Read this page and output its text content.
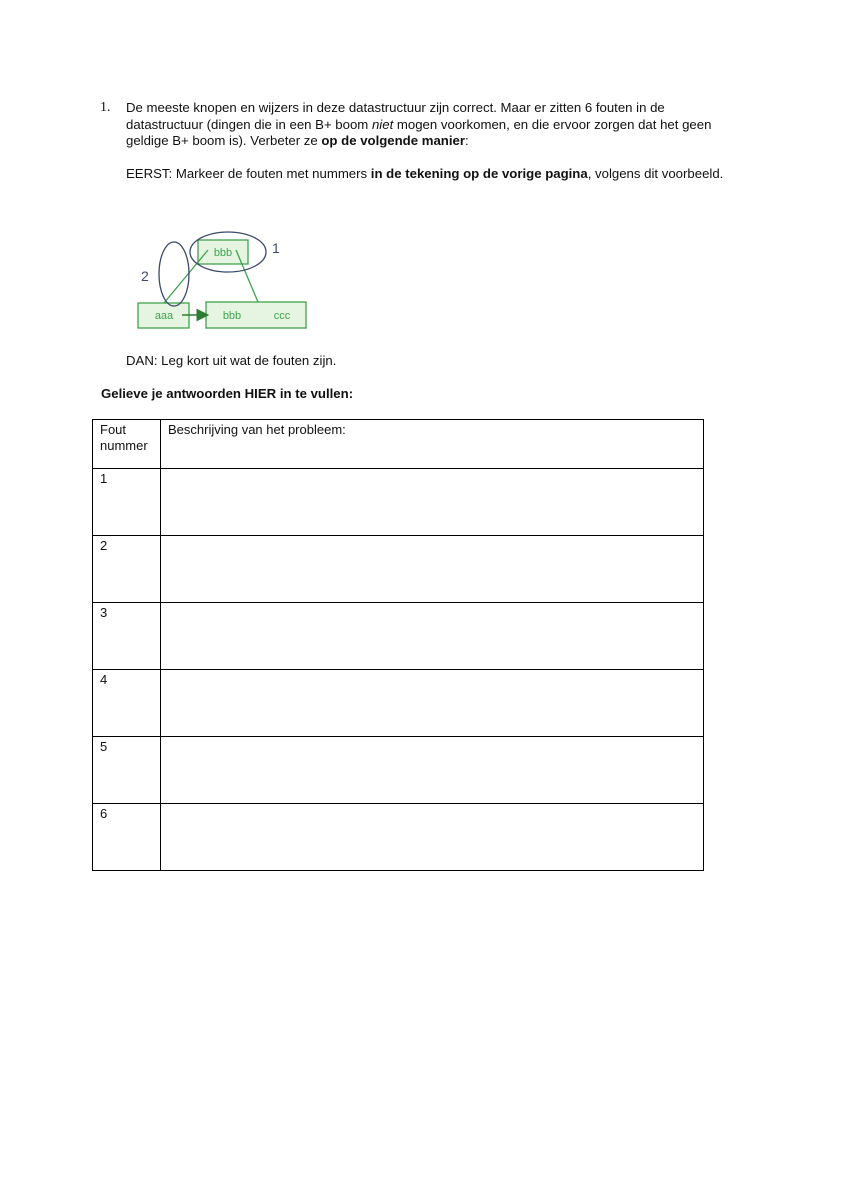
1. De meeste knopen en wijzers in deze datastructuur zijn correct. Maar er zitten 6 fouten in de datastructuur (dingen die in een B+ boom niet mogen voorkomen, en die ervoor zorgen dat het geen geldige B+ boom is). Verbeter ze op de volgende manier:
EERST: Markeer de fouten met nummers in de tekening op de vorige pagina, volgens dit voorbeeld.
bbb
aaa	bbb	ccc
1
2
DAN: Leg kort uit wat de fouten zijn.
Gelieve je antwoorden HIER in te vullen:
Fout nummer	Beschrijving van het probleem:
1	
2	
3	
4	
5	
6	
